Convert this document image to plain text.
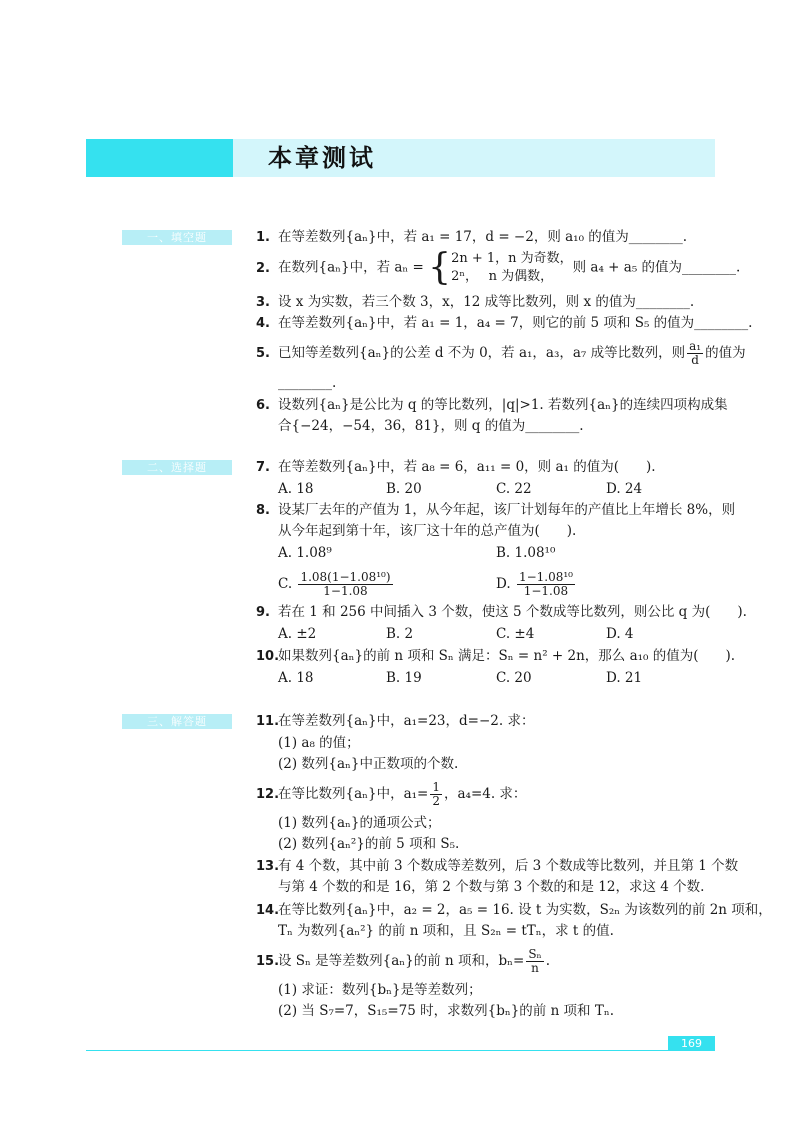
本章测试
一、填空题	1. 在等差数列{aₙ}中，若 a₁ = 17，d = −2，则 a₁₀ 的值为________.
2. 在数列{aₙ}中，若 aₙ = { 2n + 1，n 为奇数，
2ⁿ，　 n 为偶数，
则 a₄ + a₅ 的值为________.
3. 设 x 为实数，若三个数 3，x，12 成等比数列，则 x 的值为________.
4. 在等差数列{aₙ}中，若 a₁ = 1，a₄ = 7，则它的前 5 项和 S₅ 的值为________.
5. 已知等差数列{aₙ}的公差 d 不为 0，若 a₁，a₃，a₇ 成等比数列，则 $\frac{\text{a₁}}{d}$ 的值为
________.
6. 设数列{aₙ}是公比为 q 的等比数列，|q|>1. 若数列{aₙ}的连续四项构成集
合{−24，−54，36，81}，则 q 的值为________.
二、选择题	7. 在等差数列{aₙ}中，若 a₈ = 6，a₁₁ = 0，则 a₁ 的值为(　　).
A. 18	B. 20	C. 22	D. 24
8. 设某厂去年的产值为 1，从今年起，该厂计划每年的产值比上年增长 8%，则
从今年起到第十年，该厂这十年的总产值为(　　).
A. 1.08⁹	B. 1.08¹⁰
C. $\frac{\text{1.08(1−1.08¹⁰)}}{1-1.08}$	D. $\frac{\text{1−1.08¹⁰}}{1-1.08}$
9. 若在 1 和 256 中间插入 3 个数，使这 5 个数成等比数列，则公比 q 为(　　).
A. ±2	B. 2	C. ±4	D. 4
10.如果数列{aₙ}的前 n 项和 Sₙ 满足：Sₙ = n² + 2n，那么 a₁₀ 的值为(　　).
A. 18	B. 19	C. 20	D. 21
三、解答题	11.在等差数列{aₙ}中，a₁=23，d=−2. 求：
(1) a₈ 的值；
(2) 数列{aₙ}中正数项的个数.
12.在等比数列{aₙ}中，$a_1= \frac{1}{2}$ ，a₄=4. 求：
(1) 数列{aₙ}的通项公式；
(2) 数列{aₙ²}的前 5 项和 S₅.
13.有 4 个数，其中前 3 个数成等差数列，后 3 个数成等比数列，并且第 1 个数
与第 4 个数的和是 16，第 2 个数与第 3 个数的和是 12，求这 4 个数.
14.在等比数列{aₙ}中，a₂ = 2，a₅ = 16. 设 t 为实数，S₂ₙ 为该数列的前 2n 项和，
Tₙ 为数列{aₙ²} 的前 n 项和，且 S₂ₙ = tTₙ，求 t 的值.
15.设 Sₙ 是等差数列{aₙ}的前 n 项和，$b_n= \frac{\text{Sₙ}}{n}$ .
(1) 求证：数列{bₙ}是等差数列；
(2) 当 S₇=7，S₁₅=75 时，求数列{bₙ}的前 n 项和 Tₙ.
169
